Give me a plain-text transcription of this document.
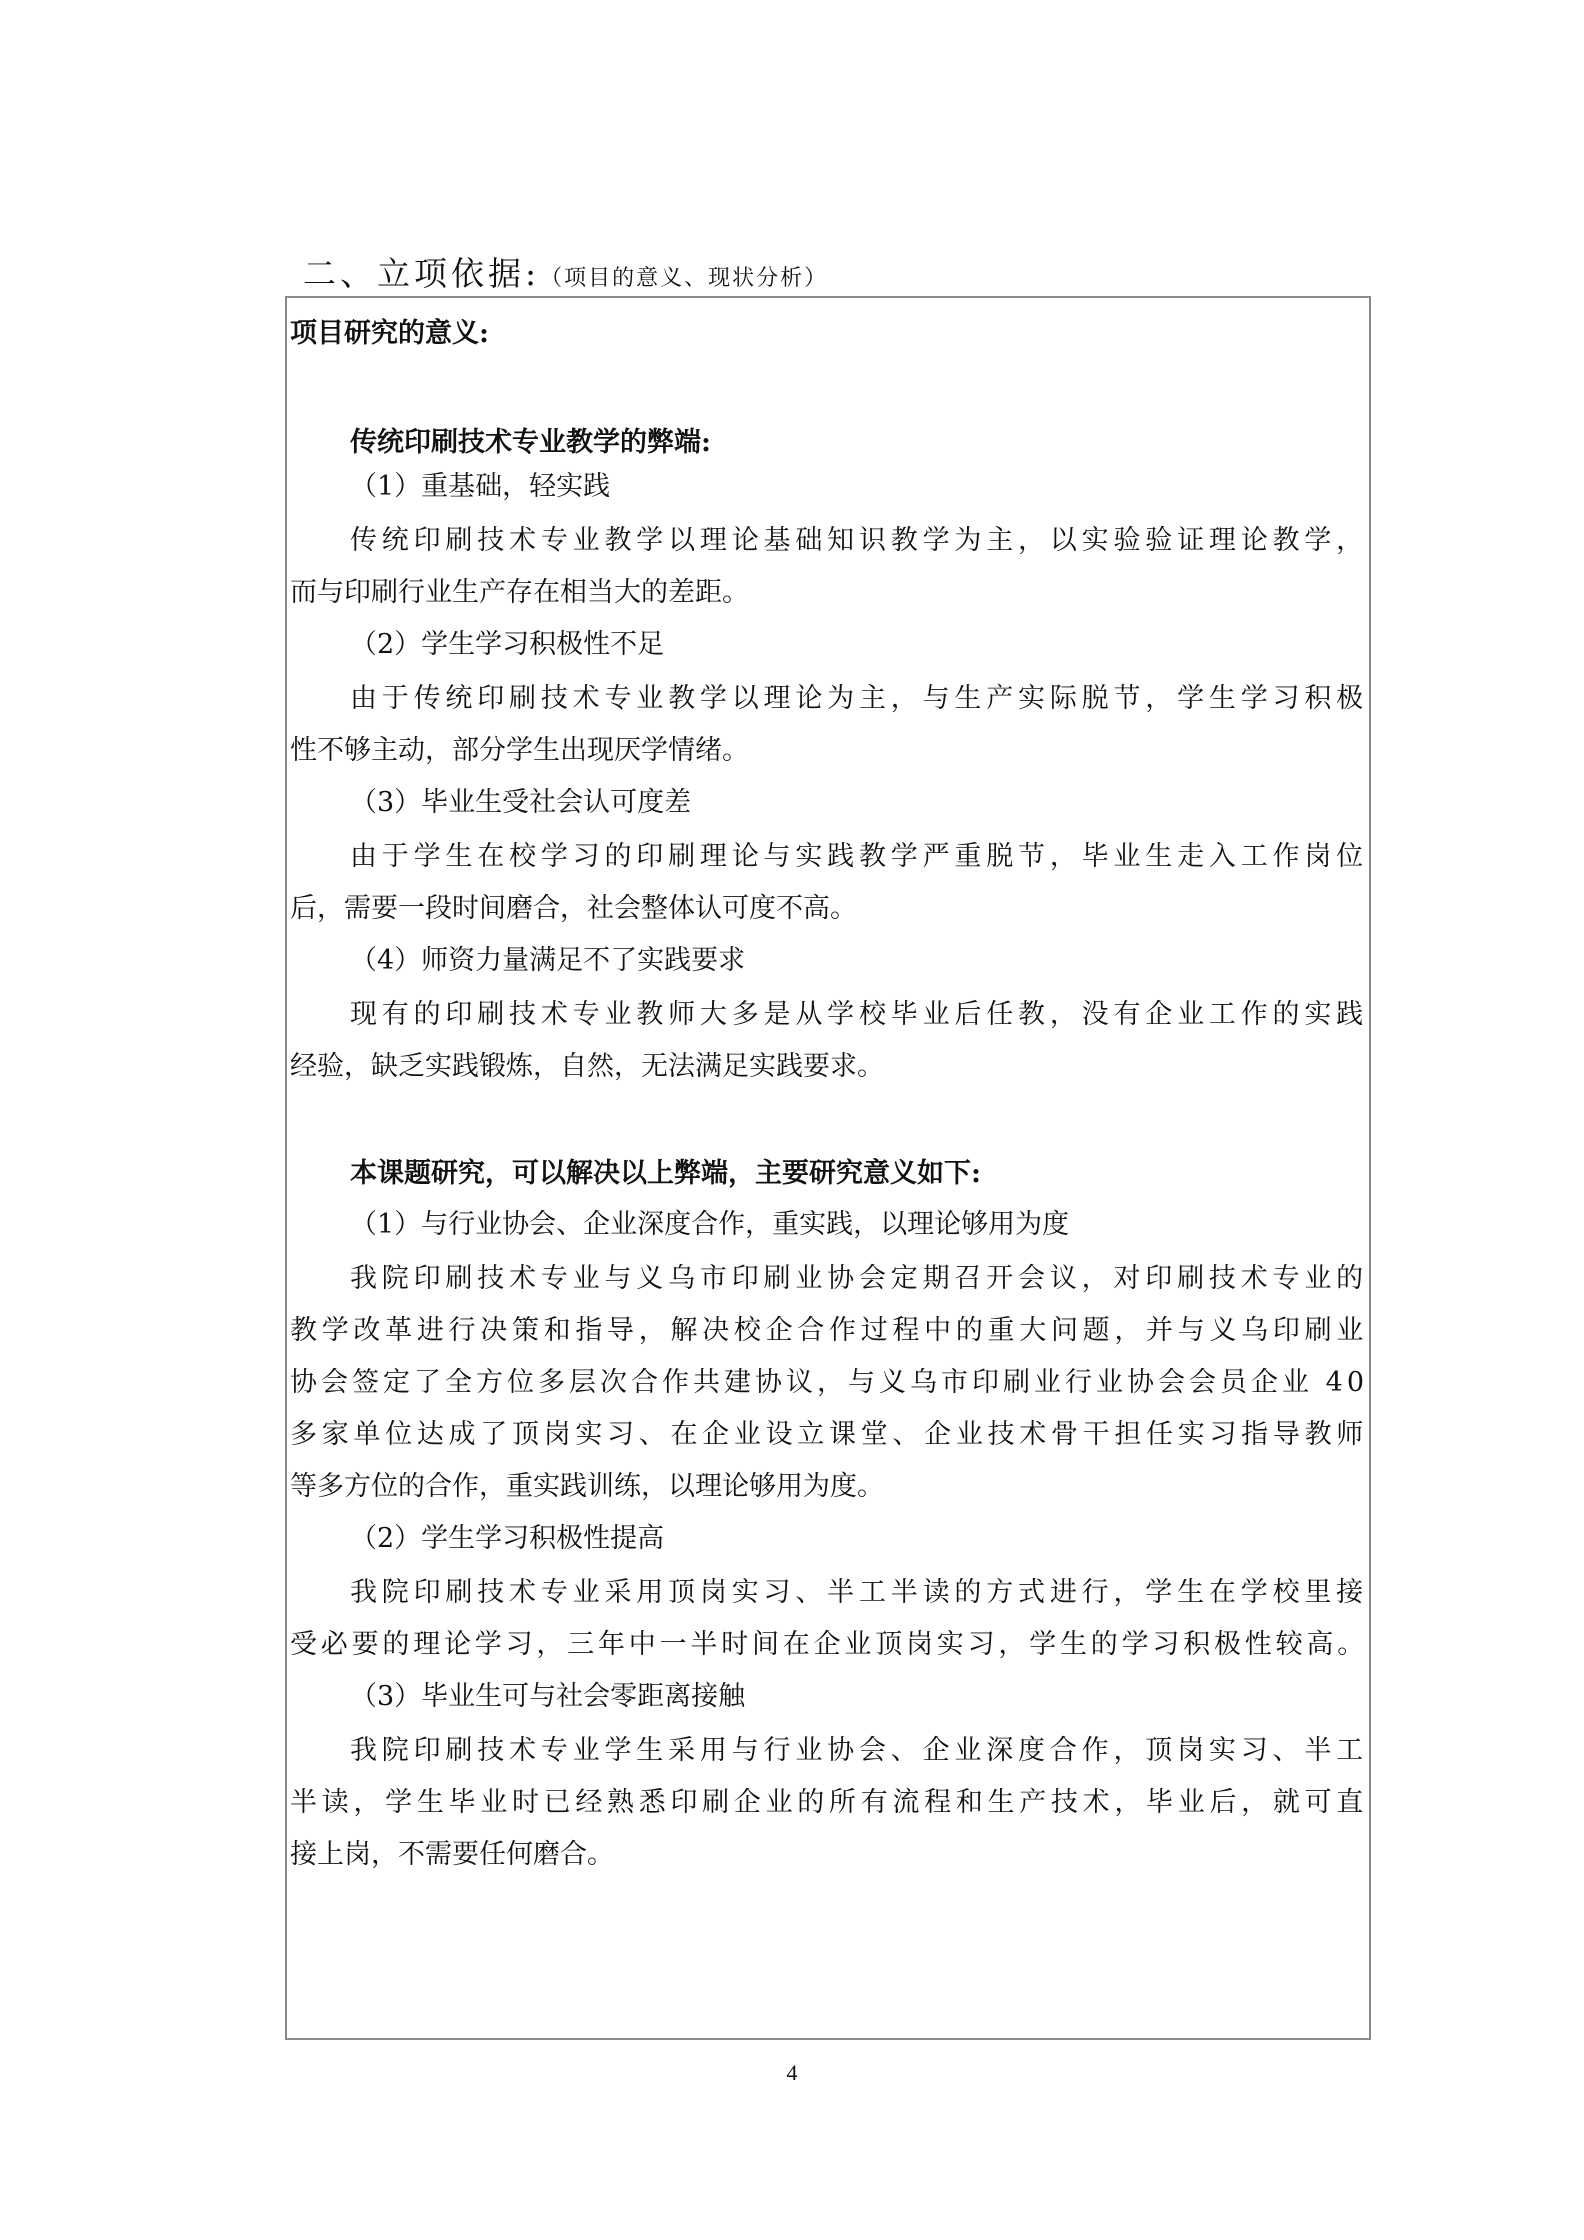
二、立项依据:（项目的意义、现状分析）
项目研究的意义:
传统印刷技术专业教学的弊端:
（1）重基础，轻实践
传统印刷技术专业教学以理论基础知识教学为主，以实验验证理论教学，
而与印刷行业生产存在相当大的差距。
（2）学生学习积极性不足
由于传统印刷技术专业教学以理论为主，与生产实际脱节，学生学习积极
性不够主动，部分学生出现厌学情绪。
（3）毕业生受社会认可度差
由于学生在校学习的印刷理论与实践教学严重脱节，毕业生走入工作岗位
后，需要一段时间磨合，社会整体认可度不高。
（4）师资力量满足不了实践要求
现有的印刷技术专业教师大多是从学校毕业后任教，没有企业工作的实践
经验，缺乏实践锻炼，自然，无法满足实践要求。
本课题研究，可以解决以上弊端，主要研究意义如下:
（1）与行业协会、企业深度合作，重实践，以理论够用为度
我院印刷技术专业与义乌市印刷业协会定期召开会议，对印刷技术专业的
教学改革进行决策和指导，解决校企合作过程中的重大问题，并与义乌印刷业
协会签定了全方位多层次合作共建协议，与义乌市印刷业行业协会会员企业 40
多家单位达成了顶岗实习、在企业设立课堂、企业技术骨干担任实习指导教师
等多方位的合作，重实践训练，以理论够用为度。
（2）学生学习积极性提高
我院印刷技术专业采用顶岗实习、半工半读的方式进行，学生在学校里接
受必要的理论学习，三年中一半时间在企业顶岗实习，学生的学习积极性较高。
（3）毕业生可与社会零距离接触
我院印刷技术专业学生采用与行业协会、企业深度合作，顶岗实习、半工
半读，学生毕业时已经熟悉印刷企业的所有流程和生产技术，毕业后，就可直
接上岗，不需要任何磨合。
4
